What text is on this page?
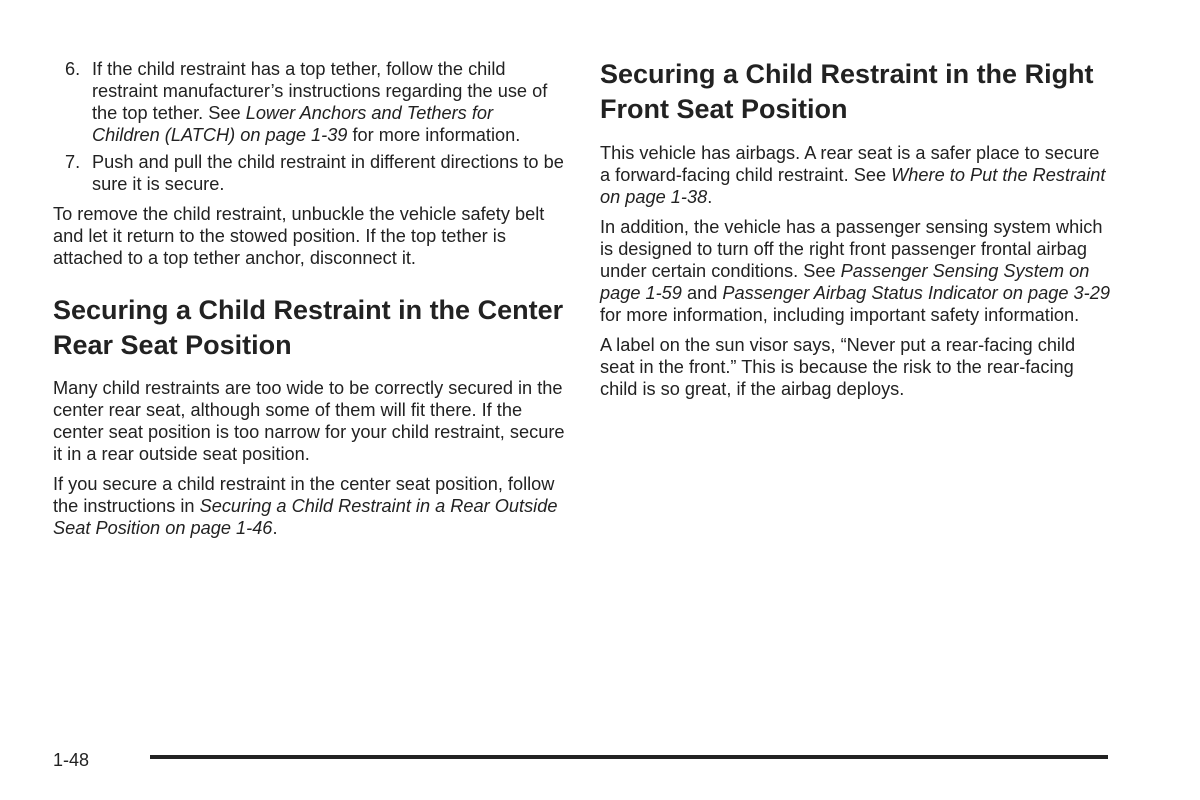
6. If the child restraint has a top tether, follow the child restraint manufacturer’s instructions regarding the use of the top tether. See Lower Anchors and Tethers for Children (LATCH) on page 1-39 for more information.
7. Push and pull the child restraint in different directions to be sure it is secure.

To remove the child restraint, unbuckle the vehicle safety belt and let it return to the stowed position. If the top tether is attached to a top tether anchor, disconnect it.

Securing a Child Restraint in the Center Rear Seat Position

Many child restraints are too wide to be correctly secured in the center rear seat, although some of them will fit there. If the center seat position is too narrow for your child restraint, secure it in a rear outside seat position.

If you secure a child restraint in the center seat position, follow the instructions in Securing a Child Restraint in a Rear Outside Seat Position on page 1-46.

Securing a Child Restraint in the Right Front Seat Position

This vehicle has airbags. A rear seat is a safer place to secure a forward-facing child restraint. See Where to Put the Restraint on page 1-38.

In addition, the vehicle has a passenger sensing system which is designed to turn off the right front passenger frontal airbag under certain conditions. See Passenger Sensing System on page 1-59 and Passenger Airbag Status Indicator on page 3-29 for more information, including important safety information.

A label on the sun visor says, “Never put a rear-facing child seat in the front.” This is because the risk to the rear-facing child is so great, if the airbag deploys.

1-48
